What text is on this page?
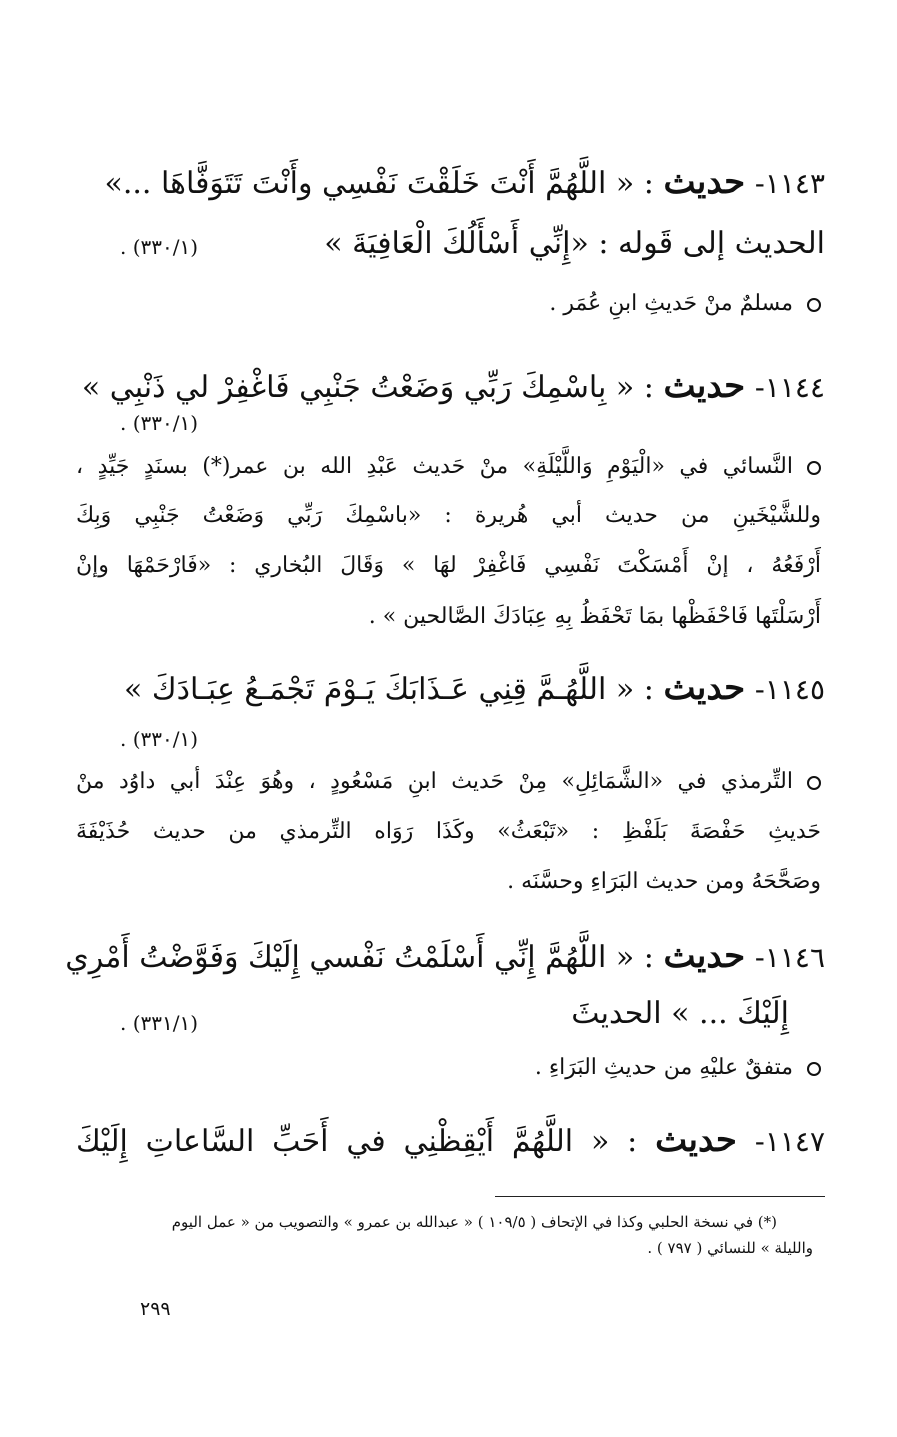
١١٤٣- حديث : « اللَّهُمَّ أَنْتَ خَلَقْتَ نَفْسِي وأَنْتَ تَتَوَفَّاهَا ...»
الحديث إلى قَوله : «إِنِّي أَسْأَلُكَ الْعَافِيَةَ »
(٣٣٠/١) .
مسلمٌ منْ حَديثِ ابنِ عُمَر .
١١٤٤- حديث : « بِاسْمِكَ رَبِّي وَضَعْتُ جَنْبِي فَاغْفِرْ لي ذَنْبِي »
(٣٣٠/١) .
النَّسائي في «الْيَوْمِ وَاللَّيْلَةِ» منْ حَديث عَبْدِ الله بن عمر(*) بسنَدٍ جَيِّدٍ ،
وللشَّيْخَينِ من حديث أبي هُريرة : «باسْمِكَ رَبِّي وَضَعْتُ جَنْبِي وَبِكَ
أَرْفَعُهُ ، إنْ أَمْسَكْتَ نَفْسِي فَاغْفِرْ لهَا » وَقَالَ البُخاري : «فَارْحَمْهَا وإنْ
أَرْسَلْتَها فَاحْفَظْها بمَا تَحْفَظُ بِهِ عِبَادَكَ الصَّالحين » .
١١٤٥- حديث : « اللَّهُـمَّ قِنِي عَـذَابَكَ يَـوْمَ تَجْمَـعُ عِبَـادَكَ »
(٣٣٠/١) .
التِّرمذي في «الشَّمَائِلِ» مِنْ حَديث ابنِ مَسْعُودٍ ، وهُوَ عِنْدَ أبي داوُد منْ
حَديثِ حَفْصَةَ بَلَفْظِ : «تَبْعَثُ» وكَذَا رَوَاه التِّرمذي من حديث حُذَيْفَةَ
وصَحَّحَهُ ومن حديث البَرَاءِ وحسَّنَه .
١١٤٦- حديث : « اللَّهُمَّ إِنِّي أَسْلَمْتُ نَفْسي إِلَيْكَ وَفَوَّضْتُ أَمْرِي
إِلَيْكَ ... » الحديثَ
(٣٣١/١) .
متفقٌ عليْهِ من حديثِ البَرَاءِ .
١١٤٧- حديث : « اللَّهُمَّ أَيْقِظْنِي في أَحَبِّ السَّاعاتِ إِلَيْكَ
(*) في نسخة الحلبي وكذا في الإتحاف ( ١٠٩/٥ ) « عبدالله بن عمرو » والتصويب من « عمل اليوم
والليلة » للنسائي ( ٧٩٧ ) .
٢٩٩
